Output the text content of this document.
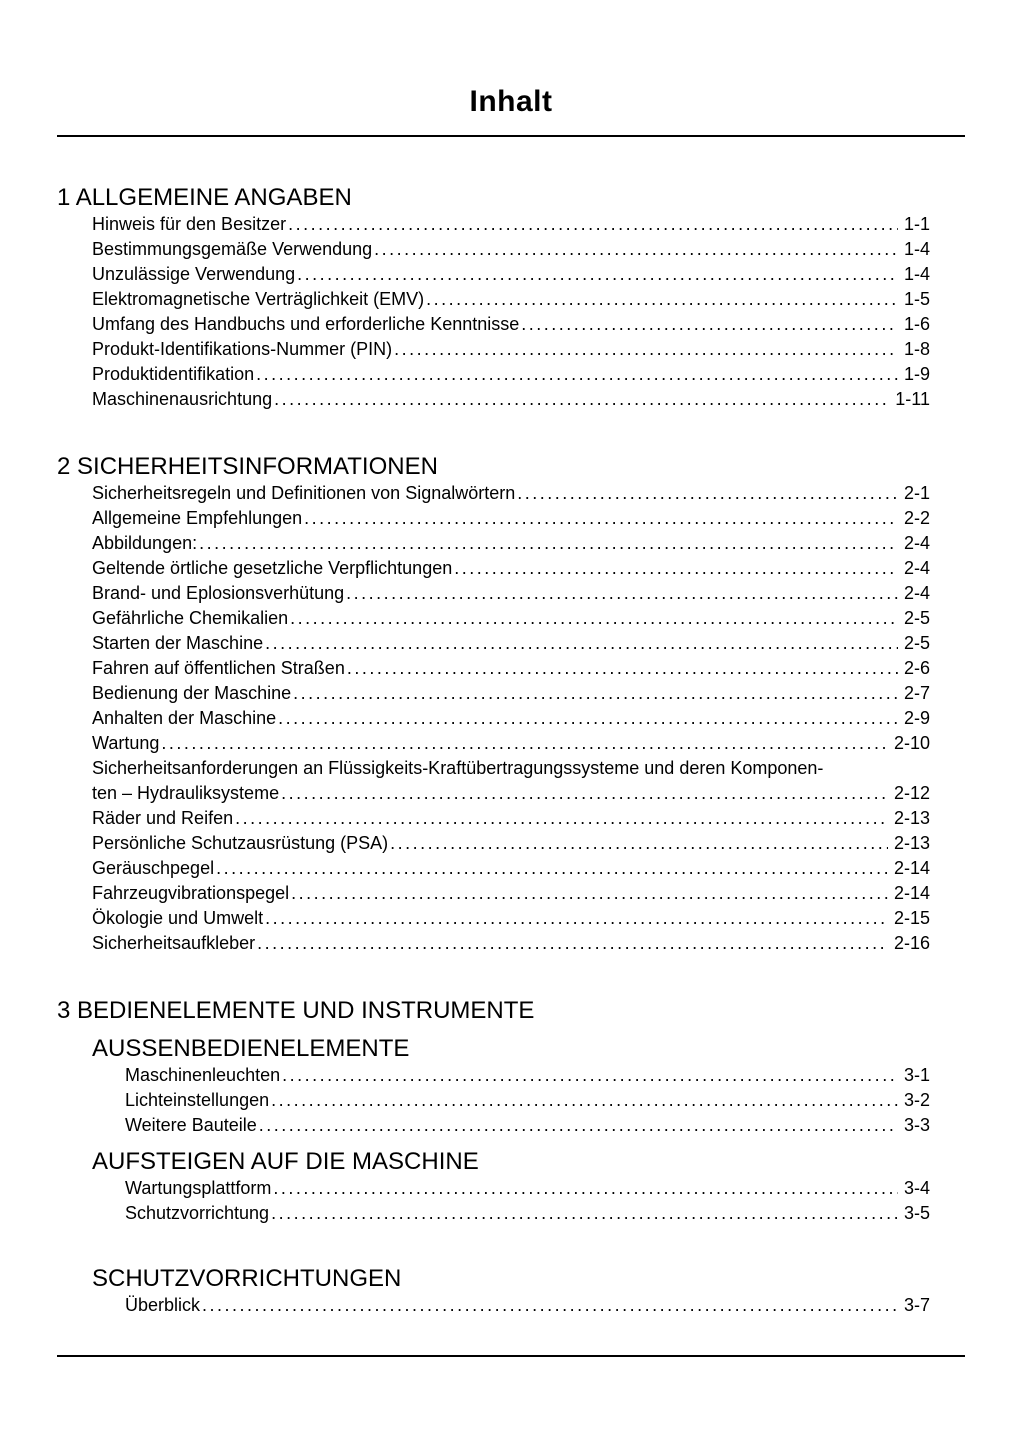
Inhalt
1 ALLGEMEINE ANGABEN
Hinweis für den Besitzer .....	1-1
Bestimmungsgemäße Verwendung .....	1-4
Unzulässige Verwendung .....	1-4
Elektromagnetische Verträglichkeit (EMV) .....	1-5
Umfang des Handbuchs und erforderliche Kenntnisse .....	1-6
Produkt-Identifikations-Nummer (PIN) .....	1-8
Produktidentifikation .....	1-9
Maschinenausrichtung .....	1-11
2 SICHERHEITSINFORMATIONEN
Sicherheitsregeln und Definitionen von Signalwörtern .....	2-1
Allgemeine Empfehlungen .....	2-2
Abbildungen: .....	2-4
Geltende örtliche gesetzliche Verpflichtungen .....	2-4
Brand- und Eplosionsverhütung .....	2-4
Gefährliche Chemikalien .....	2-5
Starten der Maschine .....	2-5
Fahren auf öffentlichen Straßen .....	2-6
Bedienung der Maschine .....	2-7
Anhalten der Maschine .....	2-9
Wartung .....	2-10
Sicherheitsanforderungen an Flüssigkeits-Kraftübertragungssysteme und deren Komponen-
ten – Hydrauliksysteme .....	2-12
Räder und Reifen .....	2-13
Persönliche Schutzausrüstung (PSA) .....	2-13
Geräuschpegel .....	2-14
Fahrzeugvibrationspegel .....	2-14
Ökologie und Umwelt .....	2-15
Sicherheitsaufkleber .....	2-16
3 BEDIENELEMENTE UND INSTRUMENTE
AUSSENBEDIENELEMENTE
Maschinenleuchten .....	3-1
Lichteinstellungen .....	3-2
Weitere Bauteile .....	3-3
AUFSTEIGEN AUF DIE MASCHINE
Wartungsplattform .....	3-4
Schutzvorrichtung .....	3-5
SCHUTZVORRICHTUNGEN
Überblick .....	3-7
